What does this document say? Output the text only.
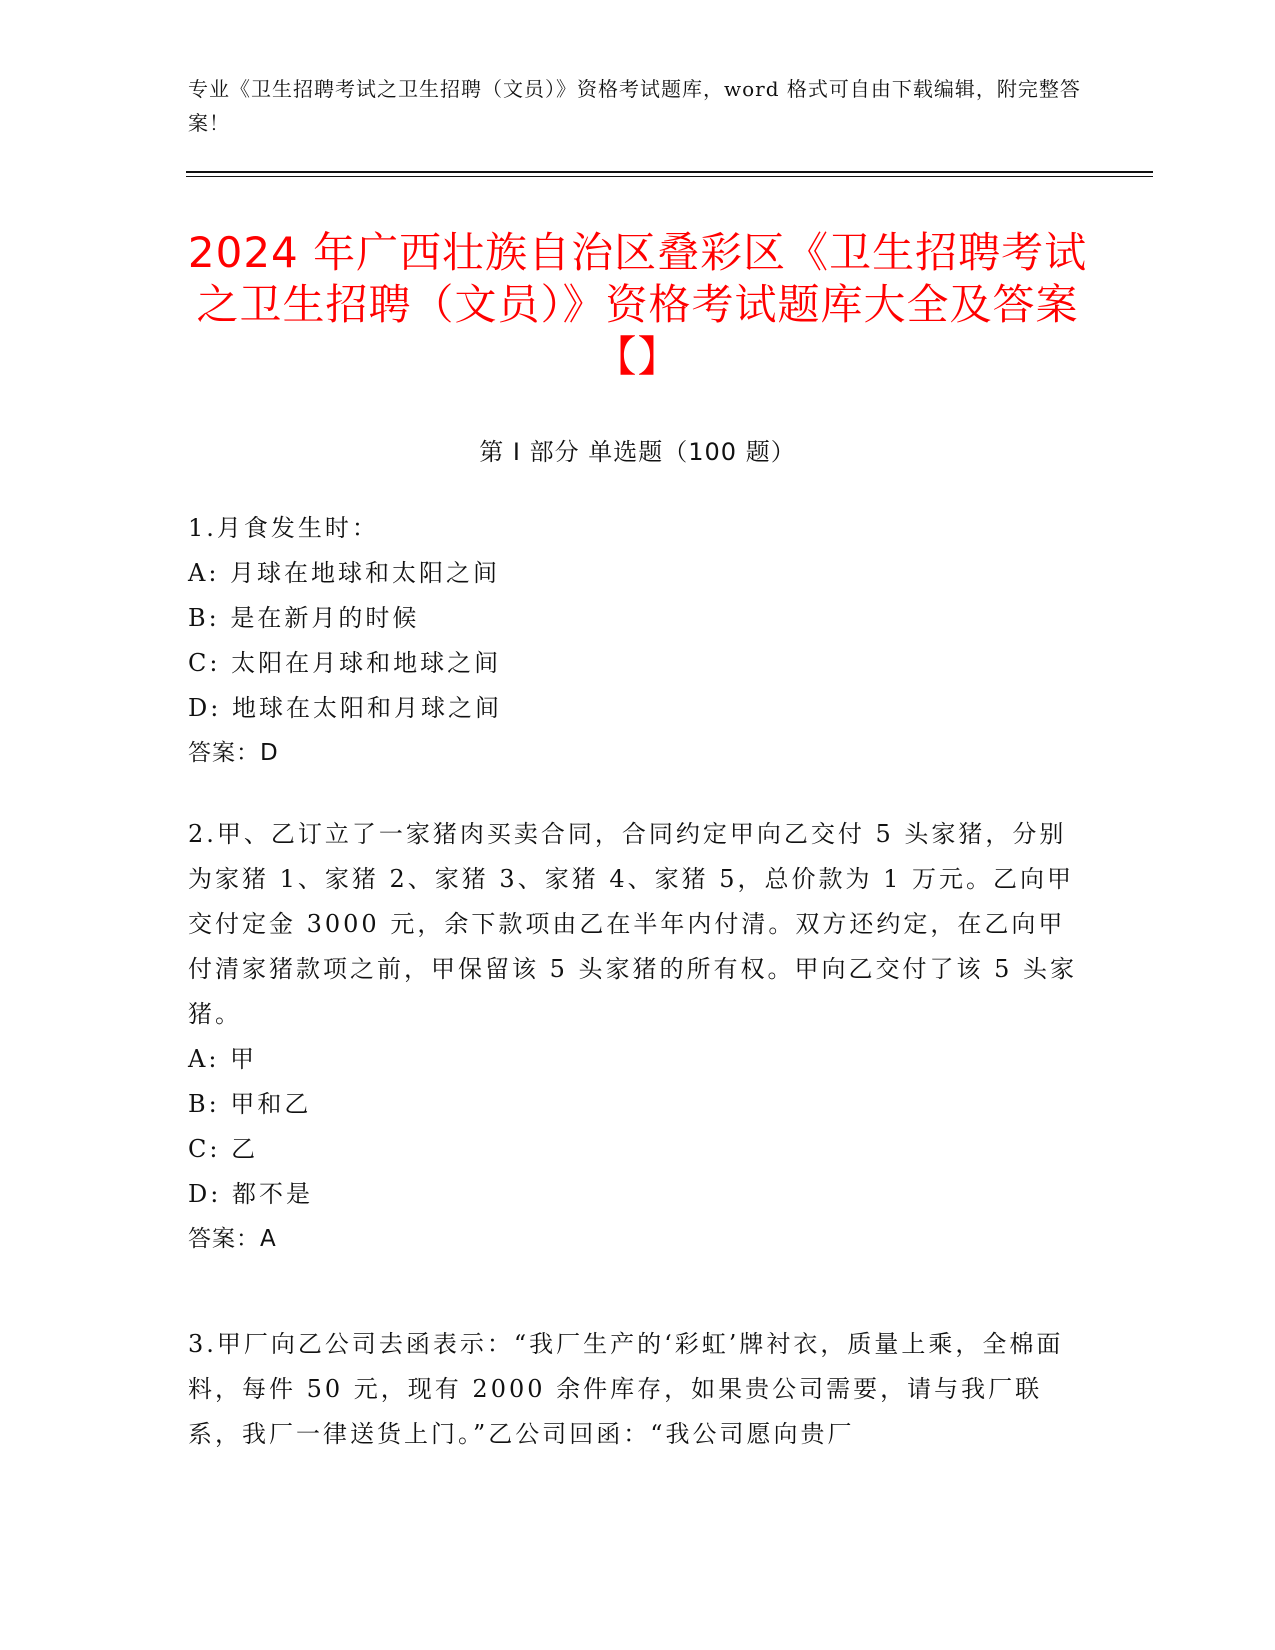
专业《卫生招聘考试之卫生招聘（文员）》资格考试题库，word 格式可自由下载编辑，附完整答案！
2024 年广西壮族自治区叠彩区《卫生招聘考试之卫生招聘（文员）》资格考试题库大全及答案【】
第 I 部分 单选题（100 题）

1.月食发生时：

A: 月球在地球和太阳之间

B: 是在新月的时候

C: 太阳在月球和地球之间

D: 地球在太阳和月球之间

答案：D

2.甲、乙订立了一家猪肉买卖合同，合同约定甲向乙交付 5 头家猪，分别为家猪 1、家猪 2、家猪 3、家猪 4、家猪 5，总价款为 1 万元。乙向甲交付定金 3000 元，余下款项由乙在半年内付清。双方还约定，在乙向甲付清家猪款项之前，甲保留该 5 头家猪的所有权。甲向乙交付了该 5 头家猪。

A: 甲

B: 甲和乙

C: 乙

D: 都不是

答案：A

3.甲厂向乙公司去函表示：“我厂生产的‘彩虹’牌衬衣，质量上乘，全棉面料，每件 50 元，现有 2000 余件库存，如果贵公司需要，请与我厂联系，我厂一律送货上门。”乙公司回函：“我公司愿向贵厂
